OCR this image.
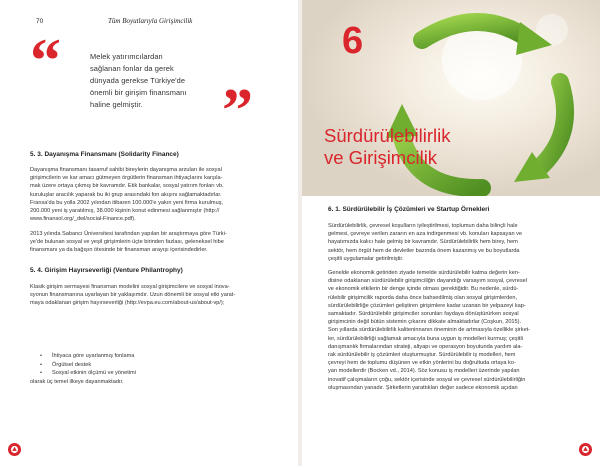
70	Tüm Boyutlarıyla Girişimcilik
“	Melek yatırımcılardan
sağlanan fonlar da gerek
dünyada gerekse Türkiye'de
önemli bir girişim finansmanı
haline gelmiştir.	”
5. 3. Dayanışma Finansmanı (Solidarity Finance)
Dayanışma finansmanı tasarruf sahibi bireylerin dayanışma arzuları ile sosyal
girişimcilerin ve kar amacı gütmeyen örgütlerin finansman ihtiyaçlarını karşıla-
mak üzere ortaya çıkmış bir kavramdır. Etik bankalar, sosyal yatırım fonları vb.
kuruluşlar aracılık yaparak bu iki grup arasındaki fon akışını sağlamaktadırlar.
Fransa'da bu yolla 2002 yılından itibaren 100.000'e yakın yeni firma kurulmuş,
200.000 yeni iş yaratılmış, 38.000 kişinin konut edinmesi sağlanmıştır (http://
www.finansol.org/_dwl/social-Finance.pdf).
2013 yılında Sabancı Üniversitesi tarafından yapılan bir araştırmaya göre Türki-
ye'de bulunan sosyal ve yeşil girişimlerin üçte birinden fazlası, geleneksel hibe
finansmanı ya da bağışın ötesinde bir finansman arayışı içerisindedirler.
5. 4. Girişim Hayırseverliği (Venture Philantrophy)
Klasik girişim sermayesi finansman modelini sosyal girişimcilere ve sosyal inova-
syonun finansmanına uyarlayan bir yaklaşımdır. Uzun dönemli bir sosyal etki yarat-
maya odaklanan girişim hayırseverliği (http://evpa.eu.com/about-us/about-vp/);
• İhtiyaca göre uyarlanmış fonlama
• Örgütsel destek
• Sosyal etkinin ölçümü ve yönetimi
olarak üç temel ilkeye dayanmaktadır.
6
Sürdürülebilirlik
ve Girişimcilik
6. 1. Sürdürülebilir İş Çözümleri ve Startup Örnekleri
Sürdürülebilirlik, çevresel koşulların iyileştirilmesi, toplumun daha bilinçli hale
gelmesi, çevreye verilen zararın en aza indirgenmesi vb. konuları kapsayan ve
hayatımızda kalıcı hale gelmiş bir kavramdır. Sürdürülebilirlik hem birey, hem
sektör, hem örgüt hem de devletler bazında önem kazanmış ve bu boyutlarda
çeşitli uygulamalar getirilmiştir.
Genelde ekonomik getiriden ziyade temelde sürdürülebilir katma değerin ken-
disine odaklanan sürdürülebilir girişimciliğin dayandığı varsayım sosyal, çevresel
ve ekonomik etkilerin bir denge içinde olması gerektiğidir. Bu nedenle, sürdü-
rülebilir girişimcilik raporda daha önce bahsedilmiş olan sosyal girişimlerden,
sürdürülebilirliğe çözümleri geliştiren girişimlere kadar uzanan bir yelpazeyi kap-
samaktadır. Sürdürülebilir girişimciler sorunları faydaya dönüştürürken sosyal
girişimcinin değil bütün sistemin çıkarını dikkate almaktadırlar (Coşkun, 2015).
Son yıllarda sürdürülebilirlik kaliteninnanın öneminin de artmasıyla özellikle şirket-
ler, sürdürülebilirliği sağlamak amacıyla buna uygun iş modelleri kurmuş; çeşitli
danışmanlık firmalarından strateji, altyapı ve operasyon boyutunda yardım ala-
rak sürdürülebilir iş çözümleri oluşturmuştur. Sürdürülebilir iş modelleri, hem
çevreyi hem de toplumu düşünen ve etkin yönlerini bu doğrultuda ortaya ko-
yan modellerdir (Bocken vd., 2014). Söz konusu iş modelleri üzerinde yapılan
inovatif çalışmaların çoğu, sektör içerisinde sosyal ve çevresel sürdürülebilirliğin
oluşmasından yanadır. Şirketlerin yarattıkları değer sadece ekonomik açıdan
